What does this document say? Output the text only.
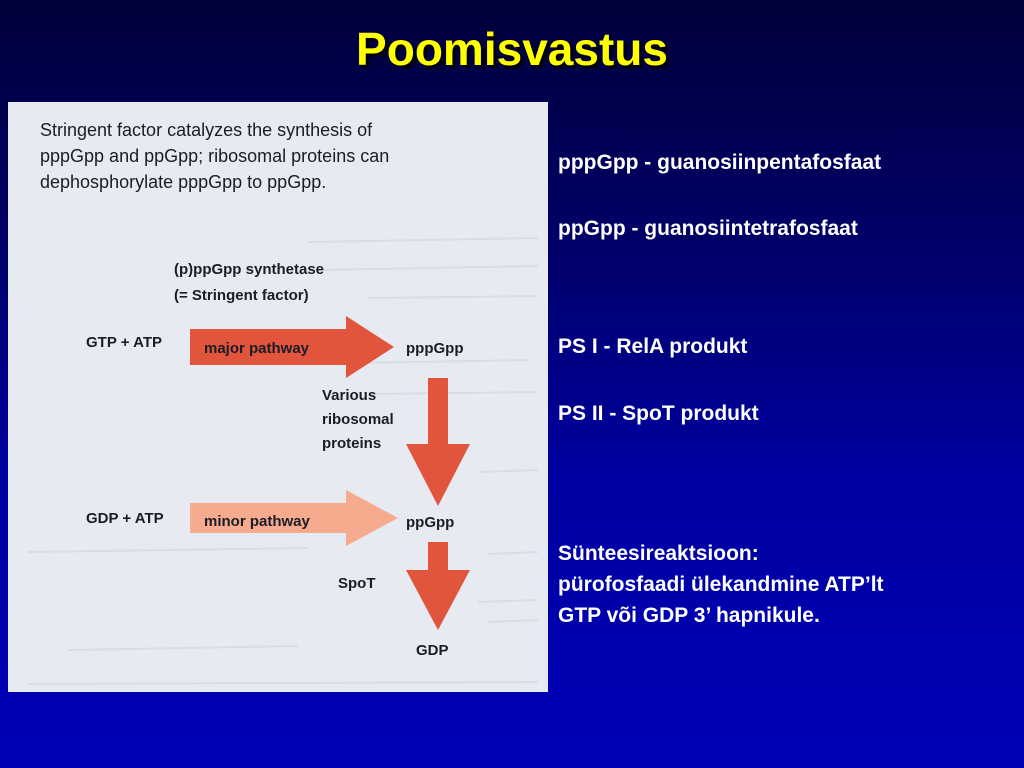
Poomisvastus
Stringent factor catalyzes the synthesis of
pppGpp and ppGpp; ribosomal proteins can
dephosphorylate pppGpp to ppGpp.
(p)ppGpp synthetase
(= Stringent factor)
GTP + ATP	major pathway	pppGpp
Various
ribosomal
proteins
GDP + ATP	minor pathway	ppGpp
SpoT
GDP
pppGpp - guanosiinpentafosfaat
ppGpp - guanosiintetrafosfaat
PS I - RelA produkt
PS II - SpoT produkt
Sünteesireaktsioon:
pürofosfaadi ülekandmine ATP’lt
GTP või GDP 3’ hapnikule.
